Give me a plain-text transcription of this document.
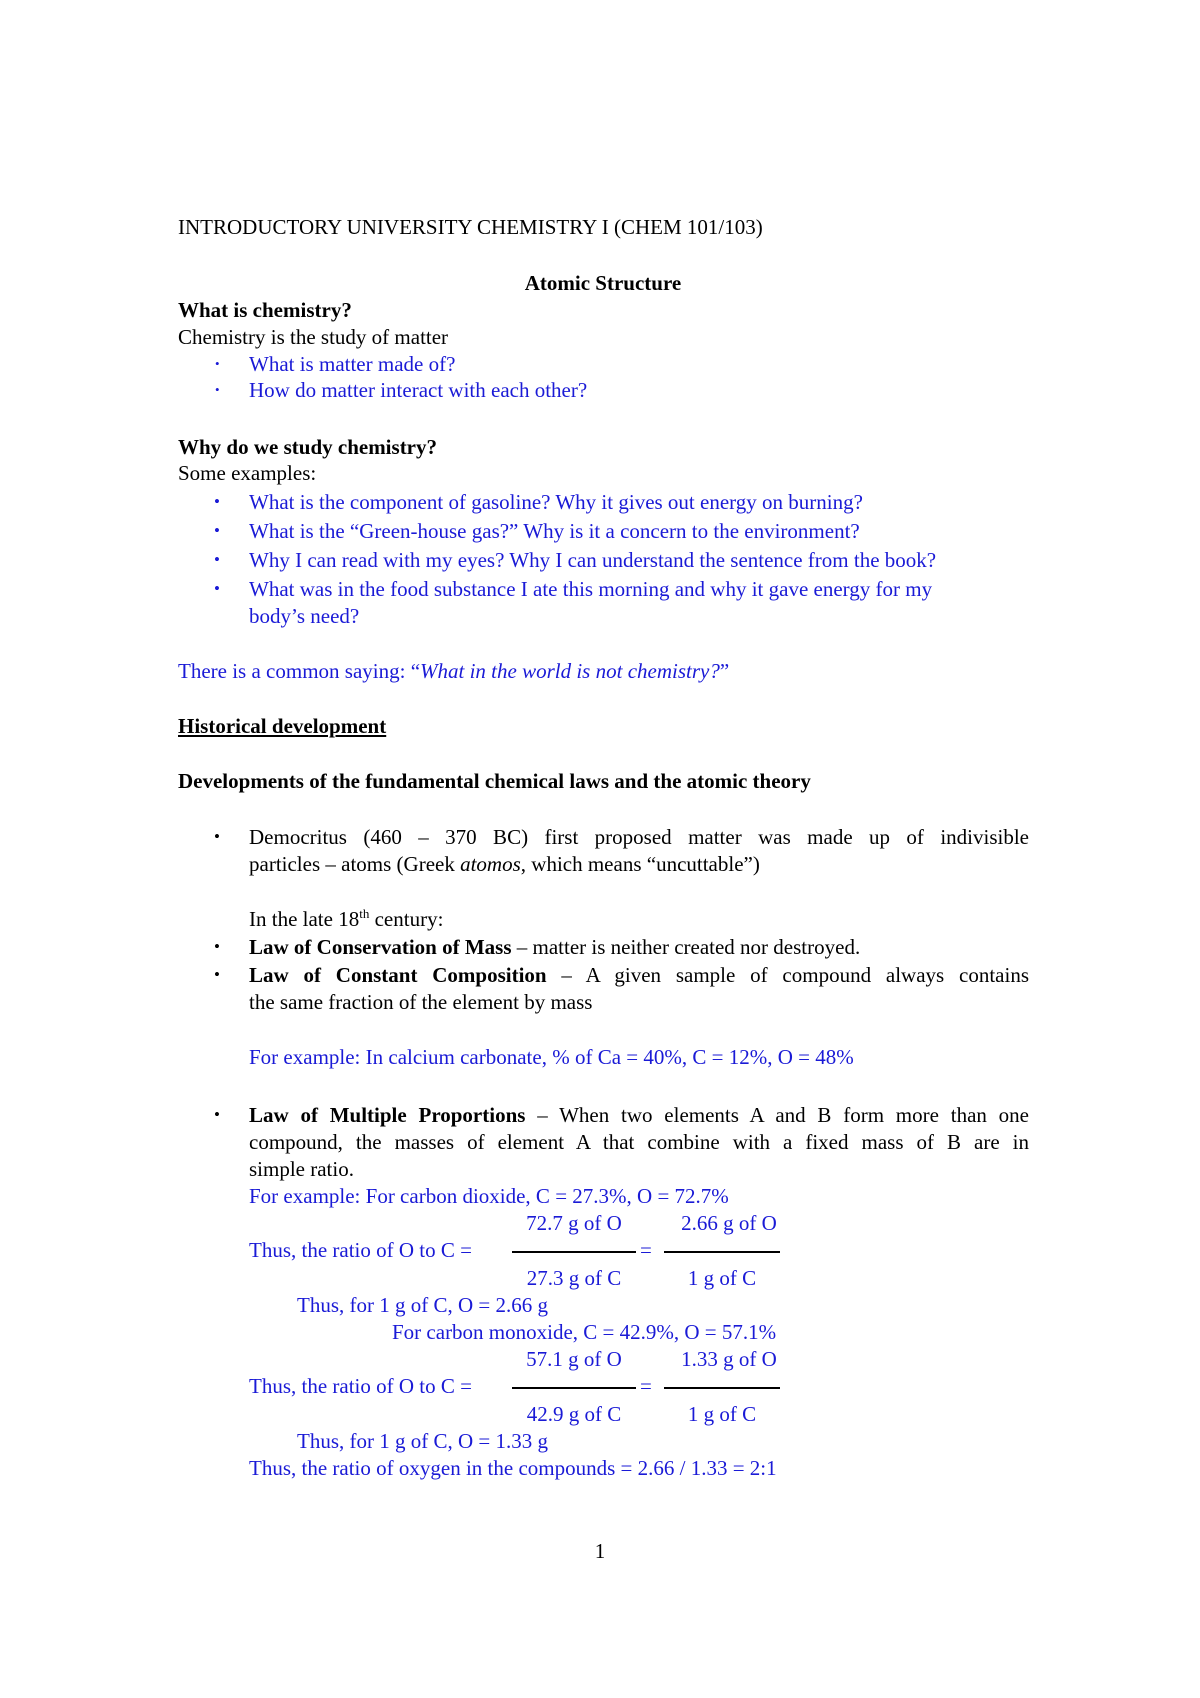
INTRODUCTORY UNIVERSITY CHEMISTRY I (CHEM 101/103)
Atomic Structure
What is chemistry?
Chemistry is the study of matter
• What is matter made of?
• How do matter interact with each other?
Why do we study chemistry?
Some examples:
• What is the component of gasoline? Why it gives out energy on burning?
• What is the “Green-house gas?” Why is it a concern to the environment?
• Why I can read with my eyes? Why I can understand the sentence from the book?
• What was in the food substance I ate this morning and why it gave energy for my
body’s need?
There is a common saying: “What in the world is not chemistry?”
Historical development
Developments of the fundamental chemical laws and the atomic theory
• Democritus (460 – 370 BC) first proposed matter was made up of indivisible
particles – atoms (Greek atomos, which means “uncuttable”)
In the late 18th century:
• Law of Conservation of Mass – matter is neither created nor destroyed.
• Law of Constant Composition – A given sample of compound always contains
the same fraction of the element by mass
For example: In calcium carbonate, % of Ca = 40%, C = 12%, O = 48%
• Law of Multiple Proportions – When two elements A and B form more than one
compound, the masses of element A that combine with a fixed mass of B are in
simple ratio.
For example: For carbon dioxide, C = 27.3%, O = 72.7%
72.7 g of O	2.66 g of O
Thus, the ratio of O to C =	=
27.3 g of C	1 g of C
Thus, for 1 g of C, O = 2.66 g
For carbon monoxide, C = 42.9%, O = 57.1%
57.1 g of O	1.33 g of O
Thus, the ratio of O to C =	=
42.9 g of C	1 g of C
Thus, for 1 g of C, O = 1.33 g
Thus, the ratio of oxygen in the compounds = 2.66 / 1.33 = 2:1
1
